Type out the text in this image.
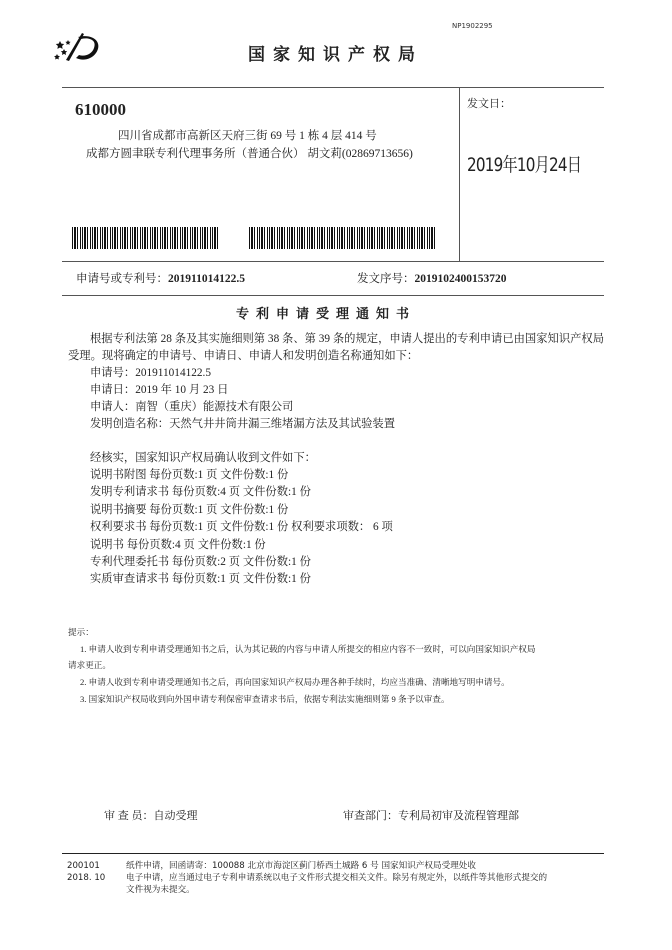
NP1902295
国家知识产权局
610000
四川省成都市高新区天府三街 69 号 1 栋 4 层 414 号
成都方圆聿联专利代理事务所（普通合伙） 胡文莉(02869713656)
发文日：
2019年10月24日
申请号或专利号：201911014122.5	发文序号：2019102400153720
专利申请受理通知书
根据专利法第 28 条及其实施细则第 38 条、第 39 条的规定，申请人提出的专利申请已由国家知识产权局
受理。现将确定的申请号、申请日、申请人和发明创造名称通知如下：
申请号：201911014122.5
申请日：2019 年 10 月 23 日
申请人：南智（重庆）能源技术有限公司
发明创造名称：天然气井井筒井漏三维堵漏方法及其试验装置
经核实，国家知识产权局确认收到文件如下：
说明书附图 每份页数:1 页 文件份数:1 份
发明专利请求书 每份页数:4 页 文件份数:1 份
说明书摘要 每份页数:1 页 文件份数:1 份
权利要求书 每份页数:1 页 文件份数:1 份 权利要求项数： 6 项
说明书 每份页数:4 页 文件份数:1 份
专利代理委托书 每份页数:2 页 文件份数:1 份
实质审查请求书 每份页数:1 页 文件份数:1 份
提示：
1. 申请人收到专利申请受理通知书之后，认为其记载的内容与申请人所提交的相应内容不一致时，可以向国家知识产权局
请求更正。
2. 申请人收到专利申请受理通知书之后，再向国家知识产权局办理各种手续时，均应当准确、清晰地写明申请号。
3. 国家知识产权局收到向外国申请专利保密审查请求书后，依据专利法实施细则第 9 条予以审查。
审 查 员：自动受理	审查部门：专利局初审及流程管理部
200101
2018. 10
纸件申请，回函请寄：100088 北京市海淀区蓟门桥西土城路 6 号 国家知识产权局受理处收
电子申请，应当通过电子专利申请系统以电子文件形式提交相关文件。除另有规定外，以纸件等其他形式提交的
文件视为未提交。
